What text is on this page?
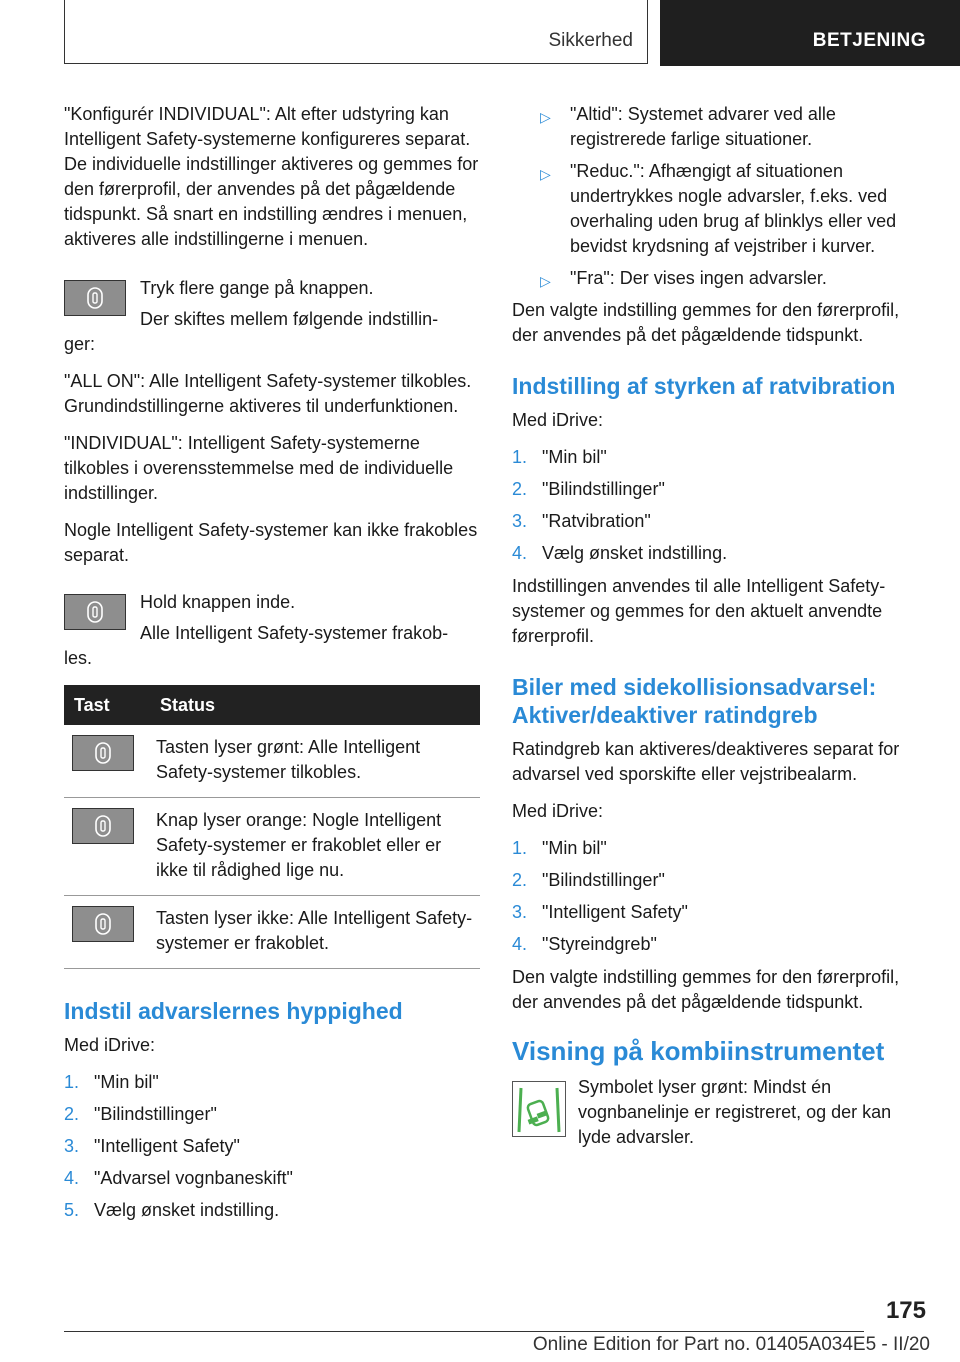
Sikkerhed	BETJENING

"Konfigurér INDIVIDUAL": Alt efter udstyring kan Intelligent Safety-systemerne konfigureres separat. De individuelle indstillinger aktiveres og gemmes for den førerprofil, der anvendes på det pågældende tidspunkt. Så snart en indstilling ændres i menuen, aktiveres alle indstillingerne i menuen.

Tryk flere gange på knappen.

Der skiftes mellem følgende indstillin-

ger:

"ALL ON": Alle Intelligent Safety-systemer tilkobles. Grundindstillingerne aktiveres til underfunktionen.

"INDIVIDUAL": Intelligent Safety-systemerne tilkobles i overensstemmelse med de individuelle indstillinger.

Nogle Intelligent Safety-systemer kan ikke frakobles separat.

Hold knappen inde.

Alle Intelligent Safety-systemer frakob-

les.

Tast	Status

	Tasten lyser grønt: Alle Intelligent Safety-systemer tilkobles.

	Knap lyser orange: Nogle Intelligent Safety-systemer er frakoblet eller er ikke til rådighed lige nu.

	Tasten lyser ikke: Alle Intelligent Safety-systemer er frakoblet.
Indstil advarslernes hyppighed

Med iDrive:

1. "Min bil"
2. "Bilindstillinger"
3. "Intelligent Safety"
4. "Advarsel vognbaneskift"
5. Vælg ønsket indstilling.
▷ "Altid": Systemet advarer ved alle registrerede farlige situationer.
▷ "Reduc.": Afhængigt af situationen undertrykkes nogle advarsler, f.eks. ved overhaling uden brug af blinklys eller ved bevidst krydsning af vejstriber i kurver.
▷ "Fra": Der vises ingen advarsler.

Den valgte indstilling gemmes for den førerprofil, der anvendes på det pågældende tidspunkt.

Indstilling af styrken af ratvibration

Med iDrive:

1. "Min bil"
2. "Bilindstillinger"
3. "Ratvibration"
4. Vælg ønsket indstilling.

Indstillingen anvendes til alle Intelligent Safety-systemer og gemmes for den aktuelt anvendte førerprofil.

Biler med sidekollisionsadvarsel: Aktiver/deaktiver ratindgreb

Ratindgreb kan aktiveres/deaktiveres separat for advarsel ved sporskifte eller vejstribealarm.

Med iDrive:

1. "Min bil"
2. "Bilindstillinger"
3. "Intelligent Safety"
4. "Styreindgreb"

Den valgte indstilling gemmes for den førerprofil, der anvendes på det pågældende tidspunkt.

Visning på kombiinstrumentet

Symbolet lyser grønt: Mindst én vognbanelinje er registreret, og der kan lyde advarsler.

175
Online Edition for Part no. 01405A034E5 - II/20
